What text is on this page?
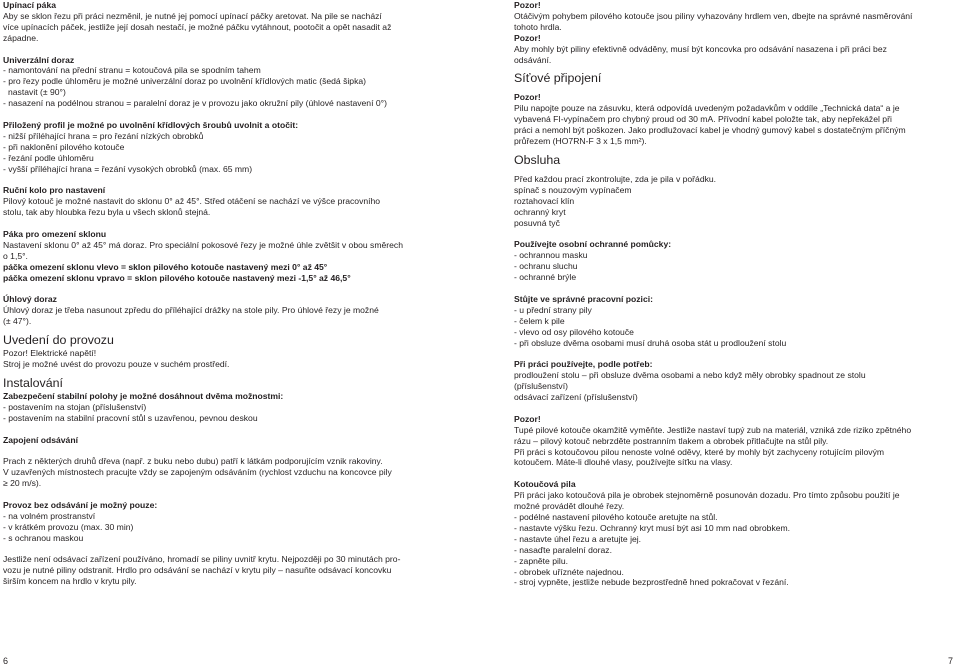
Upínací páka

Aby se sklon řezu při práci nezměnil, je nutné jej pomocí upínací páčky aretovat. Na pile se nachází

více upínacích páček, jestliže její dosah nestačí, je možné páčku vytáhnout, pootočit a opět nasadit až

západne.

Univerzální doraz

- namontování na přední stranu = kotoučová pila se spodním tahem

- pro řezy podle úhloměru je možné univerzální doraz po uvolnění křídlových matic (šedá šipka)

nastavit (± 90°)

- nasazení na podélnou stranou = paralelní doraz je v provozu jako okružní pily (úhlové nastavení 0°)

Přiložený profil je možné po uvolnění křídlových šroubů uvolnit a otočit:

- nižší příléhající hrana = pro řezání nízkých obrobků

- při naklonění pilového kotouče

- řezání podle úhloměru

- vyšší příléhající hrana = řezání vysokých obrobků (max. 65 mm)

Ruční kolo pro nastavení

Pilový kotouč je možné nastavit do sklonu 0° až 45°. Střed otáčení se nachází ve výšce pracovního

stolu, tak aby hloubka řezu byla u všech sklonů stejná.

Páka pro omezení sklonu

Nastavení sklonu 0° až 45° má doraz. Pro speciální pokosové řezy je možné úhle zvětšit v obou směrech

o 1,5°.

páčka omezení sklonu vlevo = sklon pilového kotouče nastavený mezi 0° až 45°

páčka omezení sklonu vpravo = sklon pilového kotouče nastavený mezi -1,5° až 46,5°

Úhlový doraz

Úhlový doraz je třeba nasunout zpředu do příléhající drážky na stole pily. Pro úhlové řezy je možné

(± 47°).

Uvedení do provozu

Pozor! Elektrické napětí!

Stroj je možné uvést do provozu pouze v suchém prostředí.

Instalování

Zabezpečení stabilní polohy je možné dosáhnout dvěma možnostmi:

- postavením na stojan (příslušenství)

- postavením na stabilní pracovní stůl s uzavřenou, pevnou deskou

Zapojení odsávání

Prach z některých druhů dřeva (např. z buku nebo dubu) patří k látkám podporujícím vznik rakoviny.

V uzavřených místnostech pracujte vždy se zapojeným odsáváním (rychlost vzduchu na koncovce pily

≥ 20 m/s).

Provoz bez odsávání je možný pouze:

- na volném prostranství

- v krátkém provozu (max. 30 min)

- s ochranou maskou

Jestliže není odsávací zařízení používáno, hromadí se piliny uvnitř krytu. Nejpozději po 30 minutách pro-

vozu je nutné piliny odstranit. Hrdlo pro odsávání se nachází v krytu pily – nasuňte odsávací koncovku

širším koncem na hrdlo v krytu pily.

Pozor!

Otáčivým pohybem pilového kotouče jsou piliny vyhazovány hrdlem ven, dbejte na správné nasměrování

tohoto hrdla.

Pozor!

Aby mohly být piliny efektivně odváděny, musí být koncovka pro odsávání nasazena i při práci bez

odsávání.

Síťové připojení

Pozor!

Pilu napojte pouze na zásuvku, která odpovídá uvedeným požadavkům v oddíle „Technická data“ a je

vybavená FI-vypínačem pro chybný proud od 30 mA. Přívodní kabel položte tak, aby nepřekážel při

práci a nemohl být poškozen. Jako prodlužovací kabel je vhodný gumový kabel s dostatečným příčným

průřezem (HO7RN-F 3 x 1,5 mm²).

Obsluha

Před každou prací zkontrolujte, zda je pila v pořádku.

spínač s nouzovým vypínačem

roztahovací klín

ochranný kryt

posuvná tyč

Používejte osobní ochranné pomůcky:

- ochrannou masku

- ochranu sluchu

- ochranné brýle

Stůjte ve správné pracovní pozici:

- u přední strany pily

- čelem k pile

- vlevo od osy pilového kotouče

- při obsluze dvěma osobami musí druhá osoba stát u prodloužení stolu

Při práci používejte, podle potřeb:

prodloužení stolu – při obsluze dvěma osobami a nebo když měly obrobky spadnout ze stolu

(příslušenství)

odsávací zařízení (příslušenství)

Pozor!

Tupé pilové kotouče okamžitě vyměňte. Jestliže nastaví tupý zub na materiál, vzniká zde riziko zpětného

rázu – pilový kotouč nebrzděte postranním tlakem a obrobek přitlačujte na stůl pily.

Při práci s kotoučovou pilou nenoste volné oděvy, které by mohly být zachyceny rotujícím pilovým

kotoučem. Máte-li dlouhé vlasy, používejte síťku na vlasy.

Kotoučová pila

Při práci jako kotoučová pila je obrobek stejnoměrně posunován dozadu. Pro tímto způsobu použití je

možné provádět dlouhé řezy.

- podélné nastavení pilového kotouče aretujte na stůl.

- nastavte výšku řezu. Ochranný kryt musí být asi 10 mm nad obrobkem.

- nastavte úhel řezu a aretujte jej.

- nasaďte paralelní doraz.

- zapněte pilu.

- obrobek uříznéte najednou.

- stroj vypněte, jestliže nebude bezprostředně hned pokračovat v řezání.

6	7
